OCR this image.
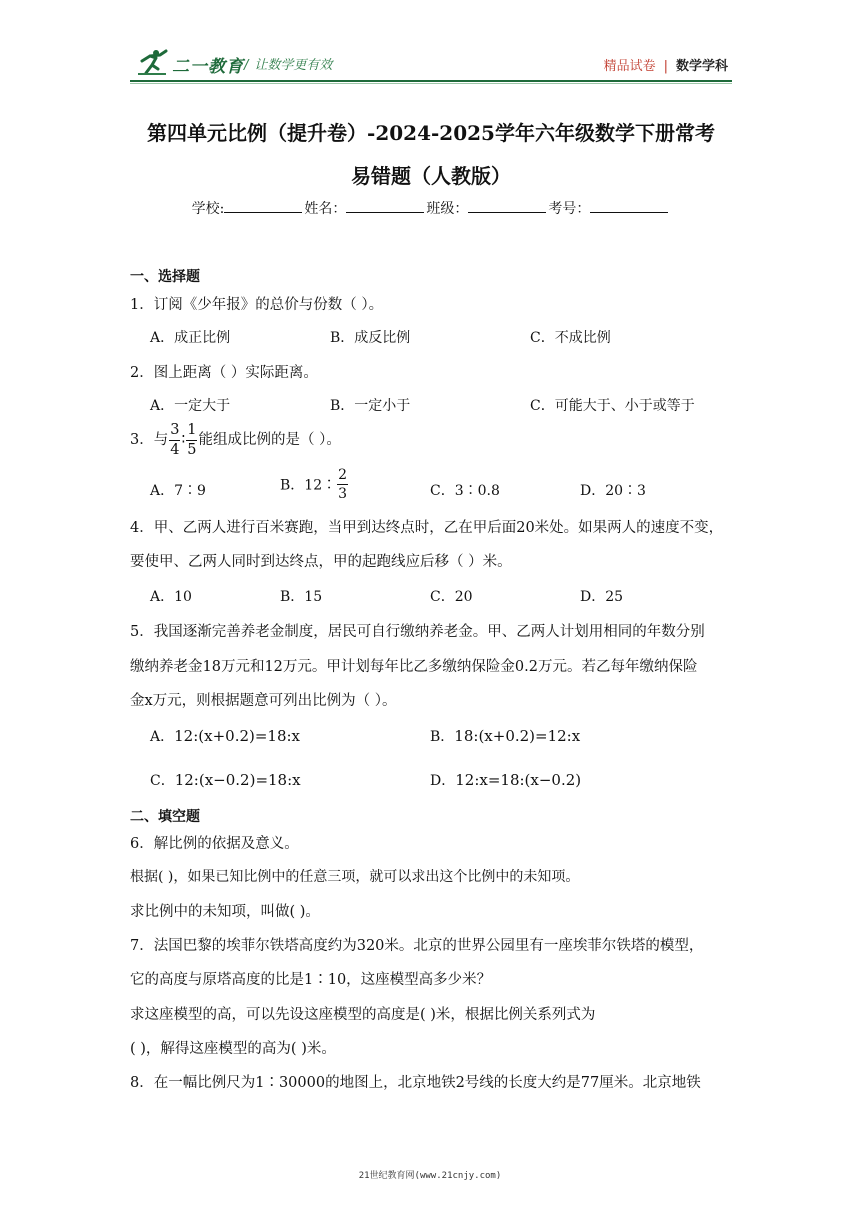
二一教育 / 让数学更有效	精品试卷 | 数学学科
第四单元比例（提升卷）-2024-2025学年六年级数学下册常考
易错题（人教版）
学校:	姓名：	班级：	考号：
一、选择题
1．订阅《少年报》的总价与份数（ ）。
A．成正比例	B．成反比例	C．不成比例
2．图上距离（ ）实际距离。
A．一定大于	B．一定小于	C．可能大于、小于或等于
3．与 $\frac{3}{4}$ ∶ $\frac{1}{5}$ 能组成比例的是（ ）。
A．7∶9	B．12∶ $\frac{2}{3}$	C．3∶0.8	D．20∶3
4．甲、乙两人进行百米赛跑，当甲到达终点时，乙在甲后面20米处。如果两人的速度不变，
要使甲、乙两人同时到达终点，甲的起跑线应后移（ ）米。
A．10	B．15	C．20	D．25
5．我国逐渐完善养老金制度，居民可自行缴纳养老金。甲、乙两人计划用相同的年数分别
缴纳养老金18万元和12万元。甲计划每年比乙多缴纳保险金0.2万元。若乙每年缴纳保险
金x万元，则根据题意可列出比例为（ ）。
A．12:(x+0.2)=18:x	B．18:(x+0.2)=12:x
C．12:(x−0.2)=18:x	D．12:x=18:(x−0.2)
二、填空题
6．解比例的依据及意义。
根据( )，如果已知比例中的任意三项，就可以求出这个比例中的未知项。
求比例中的未知项，叫做( )。
7．法国巴黎的埃菲尔铁塔高度约为320米。北京的世界公园里有一座埃菲尔铁塔的模型，
它的高度与原塔高度的比是1∶10，这座模型高多少米？
求这座模型的高，可以先设这座模型的高度是( )米，根据比例关系列式为
( )，解得这座模型的高为( )米。
8．在一幅比例尺为1∶30000的地图上，北京地铁2号线的长度大约是77厘米。北京地铁
21世纪教育网(www.21cnjy.com)
